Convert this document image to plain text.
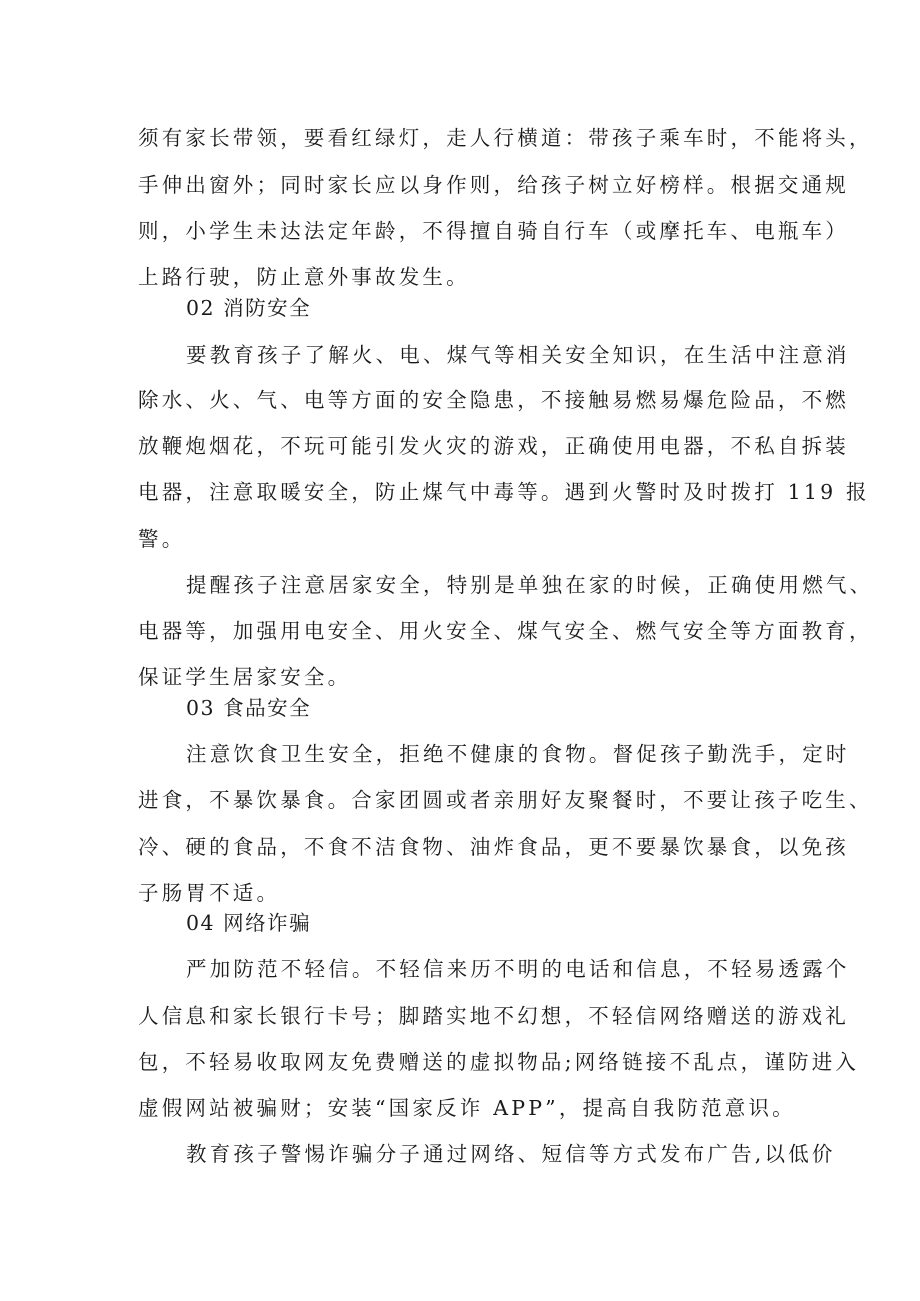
须有家长带领，要看红绿灯，走人行横道：带孩子乘车时，不能将头，
手伸出窗外；同时家长应以身作则，给孩子树立好榜样。根据交通规
则，小学生未达法定年龄，不得擅自骑自行车（或摩托车、电瓶车）
上路行驶，防止意外事故发生。
02 消防安全
要教育孩子了解火、电、煤气等相关安全知识，在生活中注意消
除水、火、气、电等方面的安全隐患，不接触易燃易爆危险品，不燃
放鞭炮烟花，不玩可能引发火灾的游戏，正确使用电器，不私自拆装
电器，注意取暖安全，防止煤气中毒等。遇到火警时及时拨打 119 报
警。
提醒孩子注意居家安全，特别是单独在家的时候，正确使用燃气、
电器等，加强用电安全、用火安全、煤气安全、燃气安全等方面教育，
保证学生居家安全。
03 食品安全
注意饮食卫生安全，拒绝不健康的食物。督促孩子勤洗手，定时
进食，不暴饮暴食。合家团圆或者亲朋好友聚餐时，不要让孩子吃生、
冷、硬的食品，不食不洁食物、油炸食品，更不要暴饮暴食，以免孩
子肠胃不适。
04 网络诈骗
严加防范不轻信。不轻信来历不明的电话和信息，不轻易透露个
人信息和家长银行卡号；脚踏实地不幻想，不轻信网络赠送的游戏礼
包，不轻易收取网友免费赠送的虚拟物品;网络链接不乱点，谨防进入
虚假网站被骗财；安装“国家反诈 APP”，提高自我防范意识。
教育孩子警惕诈骗分子通过网络、短信等方式发布广告,以低价
